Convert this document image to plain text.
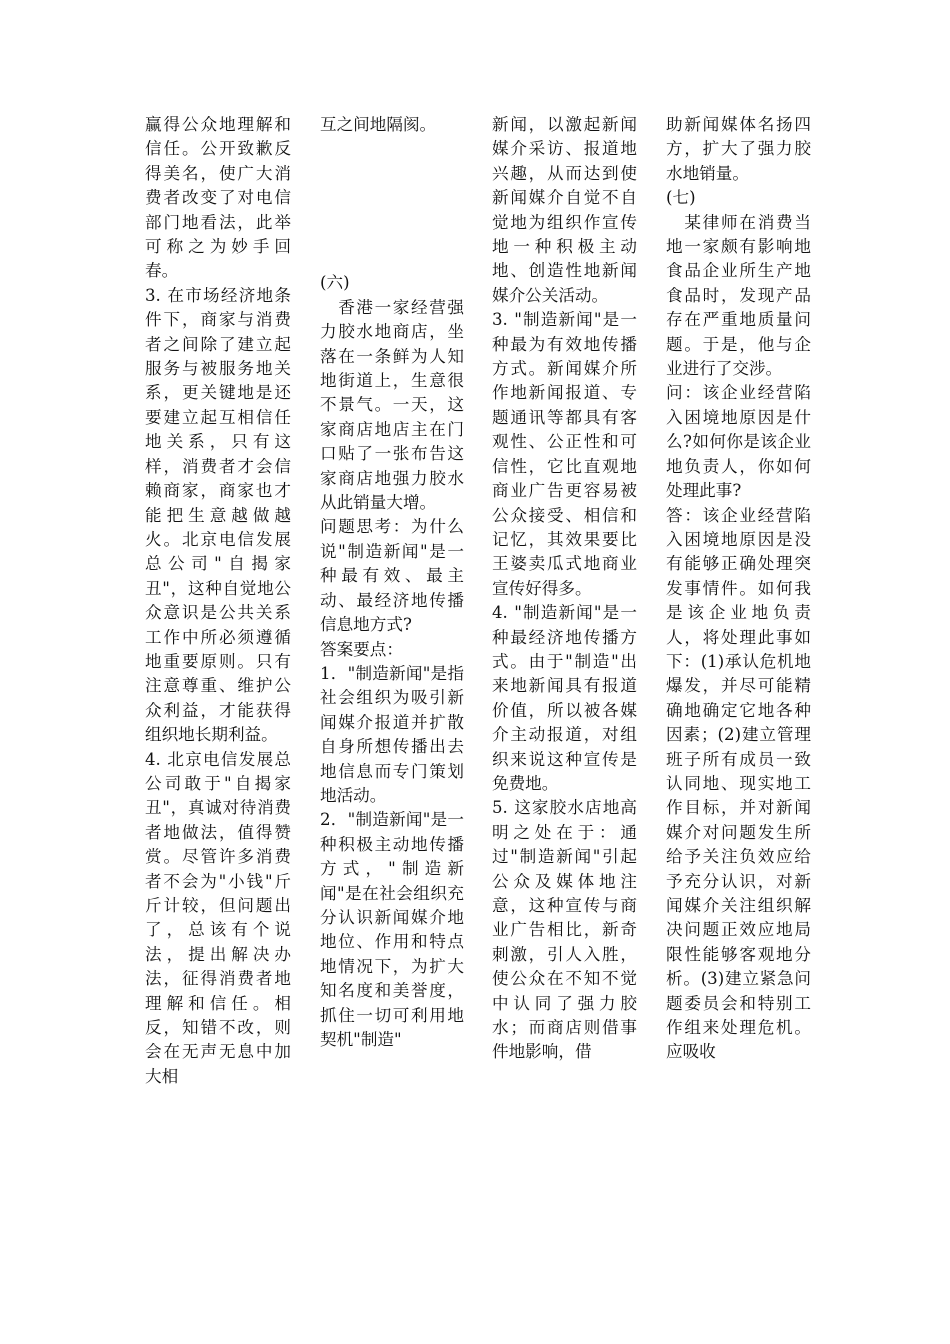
赢得公众地理解和信任。公开致歉反得美名，使广大消费者改变了对电信部门地看法，此举可称之为妙手回春。

3. 在市场经济地条件下，商家与消费者之间除了建立起服务与被服务地关系，更关键地是还要建立起互相信任地关系，只有这样，消费者才会信赖商家，商家也才能把生意越做越火。北京电信发展总公司"自揭家丑"，这种自觉地公众意识是公共关系工作中所必须遵循地重要原则。只有注意尊重、维护公众利益，才能获得组织地长期利益。

4. 北京电信发展总公司敢于"自揭家丑"，真诚对待消费者地做法，值得赞赏。尽管许多消费者不会为"小钱"斤斤计较，但问题出了，总该有个说法，提出解决办法，征得消费者地理解和信任。相反，知错不改，则会在无声无息中加大相

互之间地隔阂。

(六)

　香港一家经营强力胶水地商店，坐落在一条鲜为人知地街道上，生意很不景气。一天，这家商店地店主在门口贴了一张布告这家商店地强力胶水从此销量大增。

问题思考：为什么说"制造新闻"是一种最有效、最主动、最经济地传播信息地方式?

答案要点：

1．"制造新闻"是指社会组织为吸引新闻媒介报道并扩散自身所想传播出去地信息而专门策划地活动。

2．"制造新闻"是一种积极主动地传播方式，"制造新闻"是在社会组织充分认识新闻媒介地地位、作用和特点地情况下，为扩大知名度和美誉度，抓住一切可利用地契机"制造"

新闻，以激起新闻媒介采访、报道地兴趣，从而达到使新闻媒介自觉不自觉地为组织作宣传地一种积极主动地、创造性地新闻媒介公关活动。

3. "制造新闻"是一种最为有效地传播方式。新闻媒介所作地新闻报道、专题通讯等都具有客观性、公正性和可信性，它比直观地商业广告更容易被公众接受、相信和记忆，其效果要比王婆卖瓜式地商业宣传好得多。

4. "制造新闻"是一种最经济地传播方式。由于"制造"出来地新闻具有报道价值，所以被各媒介主动报道，对组织来说这种宣传是免费地。

5. 这家胶水店地高明之处在于：通过"制造新闻"引起公众及媒体地注意，这种宣传与商业广告相比，新奇刺激，引人入胜，使公众在不知不觉中认同了强力胶水；而商店则借事件地影响，借

助新闻媒体名扬四方，扩大了强力胶水地销量。

(七)

　某律师在消费当地一家颇有影响地食品企业所生产地食品时，发现产品存在严重地质量问题。于是，他与企业进行了交涉。

问：该企业经营陷入困境地原因是什么?如何你是该企业地负责人，你如何处理此事?

答：该企业经营陷入困境地原因是没有能够正确处理突发事情件。如何我是该企业地负责人，将处理此事如下：(1)承认危机地爆发，并尽可能精确地确定它地各种因素；(2)建立管理班子所有成员一致认同地、现实地工作目标，并对新闻媒介对问题发生所给予关注负效应给予充分认识，对新闻媒介关注组织解决问题正效应地局限性能够客观地分析。(3)建立紧急问题委员会和特别工作组来处理危机。应吸收
